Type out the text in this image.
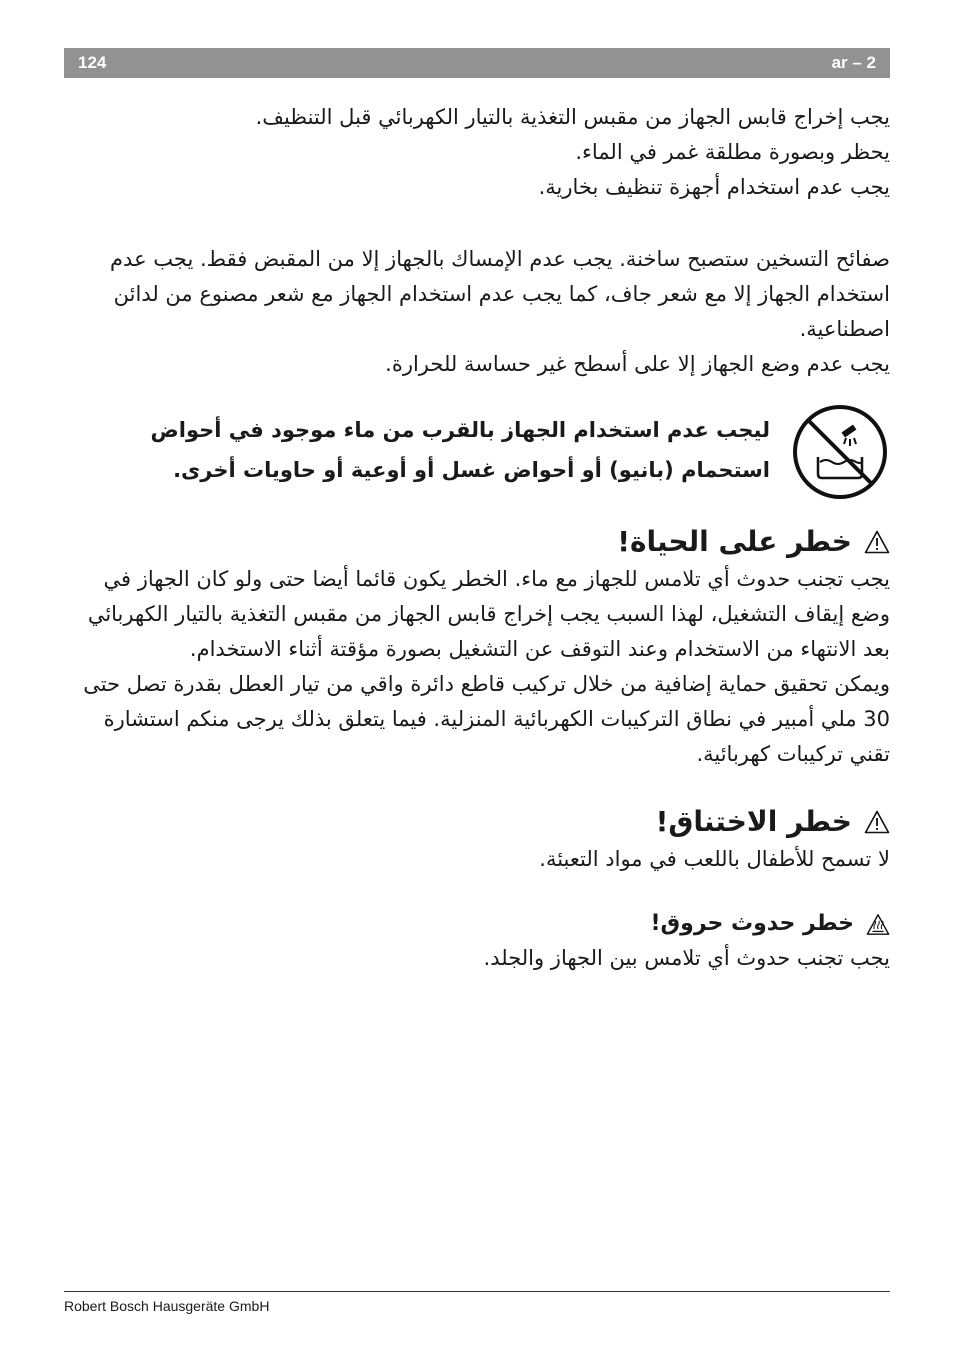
124	ar – 2

يجب إخراج قابس الجهاز من مقبس التغذية بالتيار الكهربائي قبل التنظيف.

يحظر وبصورة مطلقة غمر في الماء.

يجب عدم استخدام أجهزة تنظيف بخارية.

صفائح التسخين ستصبح ساخنة. يجب عدم الإمساك بالجهاز إلا من المقبض فقط. يجب عدم استخدام الجهاز إلا مع شعر جاف، كما يجب عدم استخدام الجهاز مع شعر مصنوع من لدائن اصطناعية.

يجب عدم وضع الجهاز إلا على أسطح غير حساسة للحرارة.

ليجب عدم استخدام الجهاز بالقرب من ماء موجود في أحواض استحمام (بانيو) أو أحواض غسل أو أوعية أو حاويات أخرى.
خطر على الحياة!

يجب تجنب حدوث أي تلامس للجهاز مع ماء. الخطر يكون قائما أيضا حتى ولو كان الجهاز في وضع إيقاف التشغيل، لهذا السبب يجب إخراج قابس الجهاز من مقبس التغذية بالتيار الكهربائي بعد الانتهاء من الاستخدام وعند التوقف عن التشغيل بصورة مؤقتة أثناء الاستخدام.

ويمكن تحقيق حماية إضافية من خلال تركيب قاطع دائرة واقي من تيار العطل بقدرة تصل حتى 30 ملي أمبير في نطاق التركيبات الكهربائية المنزلية. فيما يتعلق بذلك يرجى منكم استشارة تقني تركيبات كهربائية.

خطر الاختناق!

لا تسمح للأطفال باللعب في مواد التعبئة.

خطر حدوث حروق!

يجب تجنب حدوث أي تلامس بين الجهاز والجلد.

Robert Bosch Hausgeräte GmbH
